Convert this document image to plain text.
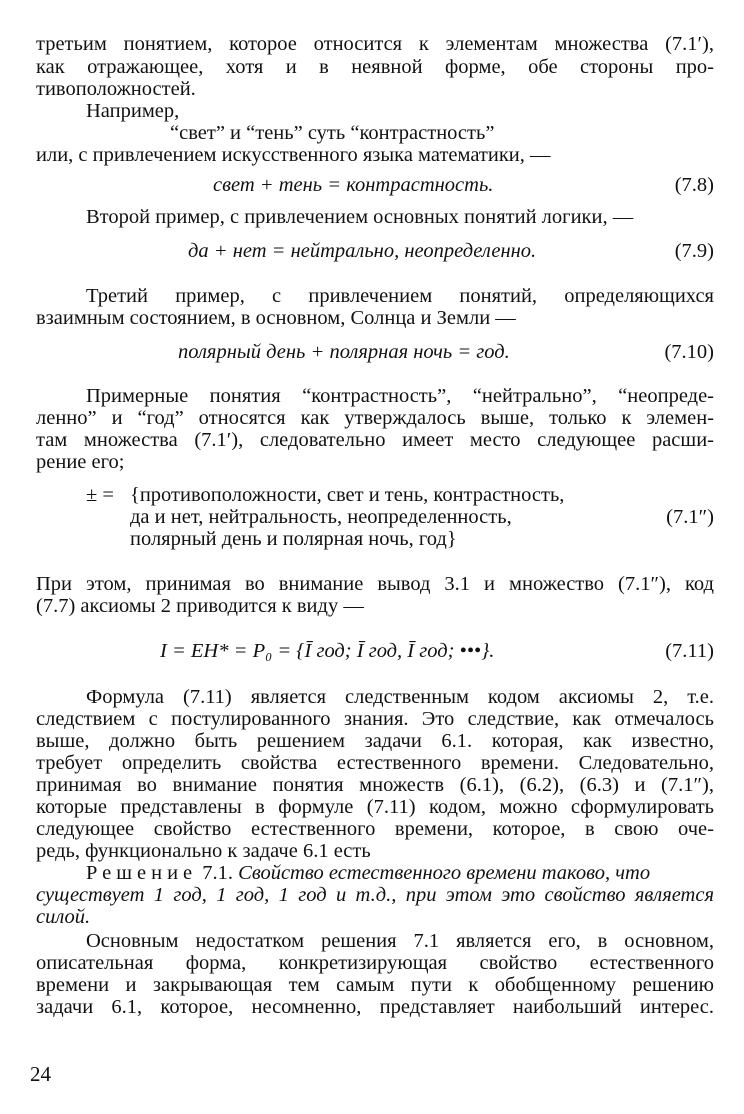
третьим понятием, которое относится к элементам множества (7.1′),
как отражающее, хотя и в неявной форме, обе стороны про-
тивоположностей.
Например,
“свет” и “тень” суть “контрастность”
или, с привлечением искусственного языка математики, —
свет + тень = контрастность.	(7.8)
Второй пример, с привлечением основных понятий логики, —
да + нет = нейтрально, неопределенно.	(7.9)
Третий пример, с привлечением понятий, определяющихся
взаимным состоянием, в основном, Солнца и Земли —
полярный день + полярная ночь = год.	(7.10)
Примерные понятия “контрастность”, “нейтрально”, “неопреде-
ленно” и “год” относятся как утверждалось выше, только к элемен-
там множества (7.1′), следовательно имеет место следующее расши-
рение его;
± = {противоположности, свет и тень, контрастность,
да и нет, нейтральность, неопределенность,
полярный день и полярная ночь, год}
(7.1″)
При этом, принимая во внимание вывод 3.1 и множество (7.1″), код
(7.7) аксиомы 2 приводится к виду —
I = EH* = P₀ = {Ī год; Ī год, Ī год; •••}.	(7.11)
Формула (7.11) является следственным кодом аксиомы 2, т.е.
следствием с постулированного знания. Это следствие, как отмечалось
выше, должно быть решением задачи 6.1. которая, как известно,
требует определить свойства естественного времени. Следовательно,
принимая во внимание понятия множеств (6.1), (6.2), (6.3) и (7.1″),
которые представлены в формуле (7.11) кодом, можно сформулировать
следующее свойство естественного времени, которое, в свою оче-
редь, функционально к задаче 6.1 есть
Решение 7.1. Свойство естественного времени таково, что
существует 1 год, 1 год, 1 год и т.д., при этом это свойство является
силой.
Основным недостатком решения 7.1 является его, в основном,
описательная форма, конкретизирующая свойство естественного
времени и закрывающая тем самым пути к обобщенному решению
задачи 6.1, которое, несомненно, представляет наибольший интерес.
24
